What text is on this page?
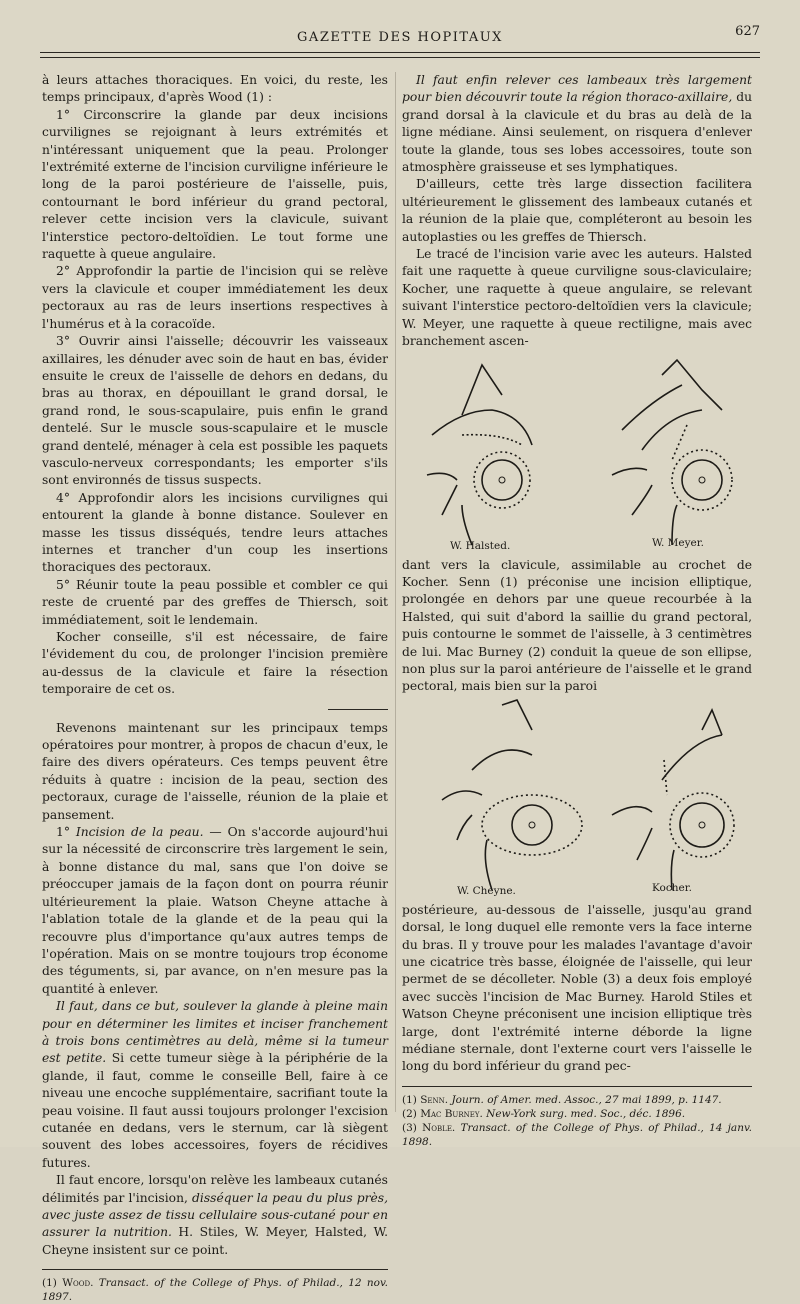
GAZETTE DES HOPITAUX	627

à leurs attaches thoraciques. En voici, du reste, les temps principaux, d'après Wood (1) :

1° Circonscrire la glande par deux incisions curvilignes se rejoignant à leurs extrémités et n'intéressant uniquement que la peau. Prolonger l'extrémité externe de l'incision curviligne inférieure le long de la paroi postérieure de l'aisselle, puis, contournant le bord inférieur du grand pectoral, relever cette incision vers la clavicule, suivant l'interstice pectoro-deltoïdien. Le tout forme une raquette à queue angulaire.

2° Approfondir la partie de l'incision qui se relève vers la clavicule et couper immédiatement les deux pectoraux au ras de leurs insertions respectives à l'humérus et à la coracoïde.

3° Ouvrir ainsi l'aisselle; découvrir les vaisseaux axillaires, les dénuder avec soin de haut en bas, évider ensuite le creux de l'aisselle de dehors en dedans, du bras au thorax, en dépouillant le grand dorsal, le grand rond, le sous-scapulaire, puis enfin le grand dentelé. Sur le muscle sous-scapulaire et le muscle grand dentelé, ménager à cela est possible les paquets vasculo-nerveux correspondants; les emporter s'ils sont environnés de tissus suspects.

4° Approfondir alors les incisions curvilignes qui entourent la glande à bonne distance. Soulever en masse les tissus disséqués, tendre leurs attaches internes et trancher d'un coup les insertions thoraciques des pectoraux.

5° Réunir toute la peau possible et combler ce qui reste de cruenté par des greffes de Thiersch, soit immédiatement, soit le lendemain.

Kocher conseille, s'il est nécessaire, de faire l'évidement du cou, de prolonger l'incision première au-dessus de la clavicule et faire la résection temporaire de cet os.

Revenons maintenant sur les principaux temps opératoires pour montrer, à propos de chacun d'eux, le faire des divers opérateurs. Ces temps peuvent être réduits à quatre : incision de la peau, section des pectoraux, curage de l'aisselle, réunion de la plaie et pansement.

1° Incision de la peau. — On s'accorde aujourd'hui sur la nécessité de circonscrire très largement le sein, à bonne distance du mal, sans que l'on doive se préoccuper jamais de la façon dont on pourra réunir ultérieurement la plaie. Watson Cheyne attache à l'ablation totale de la glande et de la peau qui la recouvre plus d'importance qu'aux autres temps de l'opération. Mais on se montre toujours trop économe des téguments, si, par avance, on n'en mesure pas la quantité à enlever.

Il faut, dans ce but, soulever la glande à pleine main pour en déterminer les limites et inciser franchement à trois bons centimètres au delà, même si la tumeur est petite. Si cette tumeur siège à la périphérie de la glande, il faut, comme le conseille Bell, faire à ce niveau une encoche supplémentaire, sacrifiant toute la peau voisine. Il faut aussi toujours prolonger l'excision cutanée en dedans, vers le sternum, car là siègent souvent des lobes accessoires, foyers de récidives futures.

Il faut encore, lorsqu'on relève les lambeaux cutanés délimités par l'incision, disséquer la peau du plus près, avec juste assez de tissu cellulaire sous-cutané pour en assurer la nutrition. H. Stiles, W. Meyer, Halsted, W. Cheyne insistent sur ce point.

(1) Wood. Transact. of the College of Phys. of Philad., 12 nov. 1897.

Il faut enfin relever ces lambeaux très largement pour bien découvrir toute la région thoraco-axillaire, du grand dorsal à la clavicule et du bras au delà de la ligne médiane. Ainsi seulement, on risquera d'enlever toute la glande, tous ses lobes accessoires, toute son atmosphère graisseuse et ses lymphatiques.

D'ailleurs, cette très large dissection facilitera ultérieurement le glissement des lambeaux cutanés et la réunion de la plaie que, compléteront au besoin les autoplasties ou les greffes de Thiersch.

Le tracé de l'incision varie avec les auteurs. Halsted fait une raquette à queue curviligne sous-claviculaire; Kocher, une raquette à queue angulaire, se relevant suivant l'interstice pectoro-deltoïdien vers la clavicule; W. Meyer, une raquette à queue rectiligne, mais avec branchement ascen-

W. Halsted.	W. Meyer.

dant vers la clavicule, assimilable au crochet de Kocher. Senn (1) préconise une incision elliptique, prolongée en dehors par une queue recourbée à la Halsted, qui suit d'abord la saillie du grand pectoral, puis contourne le sommet de l'aisselle, à 3 centimètres de lui. Mac Burney (2) conduit la queue de son ellipse, non plus sur la paroi antérieure de l'aisselle et le grand pectoral, mais bien sur la paroi

W. Cheyne.	Kocher.

postérieure, au-dessous de l'aisselle, jusqu'au grand dorsal, le long duquel elle remonte vers la face interne du bras. Il y trouve pour les malades l'avantage d'avoir une cicatrice très basse, éloignée de l'aisselle, qui leur permet de se décolleter. Noble (3) a deux fois employé avec succès l'incision de Mac Burney. Harold Stiles et Watson Cheyne préconisent une incision elliptique très large, dont l'extrémité interne déborde la ligne médiane sternale, dont l'externe court vers l'aisselle le long du bord inférieur du grand pec-

(1) Senn. Journ. of Amer. med. Assoc., 27 mai 1899, p. 1147.

(2) Mac Burney. New-York surg. med. Soc., déc. 1896.

(3) Noble. Transact. of the College of Phys. of Philad., 14 janv. 1898.
